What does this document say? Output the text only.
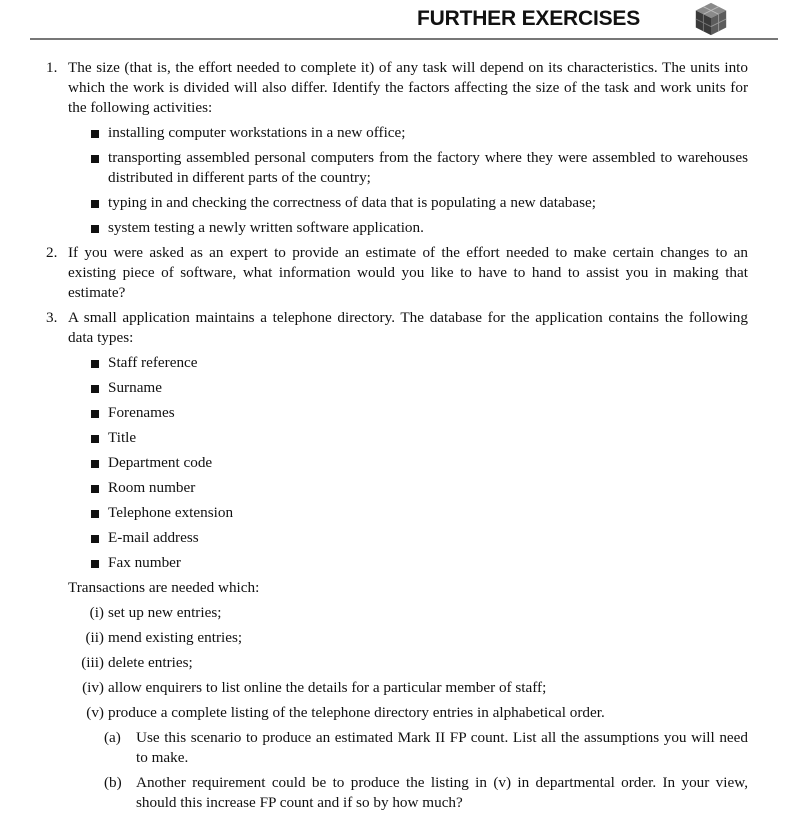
FURTHER EXERCISES
1. The size (that is, the effort needed to complete it) of any task will depend on its characteristics. The units into which the work is divided will also differ. Identify the factors affecting the size of the task and work units for the following activities:
installing computer workstations in a new office;
transporting assembled personal computers from the factory where they were assembled to warehouses distributed in different parts of the country;
typing in and checking the correctness of data that is populating a new database;
system testing a newly written software application.
2. If you were asked as an expert to provide an estimate of the effort needed to make certain changes to an existing piece of software, what information would you like to have to hand to assist you in making that estimate?
3. A small application maintains a telephone directory. The database for the application contains the following data types:
Staff reference
Surname
Forenames
Title
Department code
Room number
Telephone extension
E-mail address
Fax number
Transactions are needed which:
(i) set up new entries;
(ii) mend existing entries;
(iii) delete entries;
(iv) allow enquirers to list online the details for a particular member of staff;
(v) produce a complete listing of the telephone directory entries in alphabetical order.
(a) Use this scenario to produce an estimated Mark II FP count. List all the assumptions you will need to make.
(b) Another requirement could be to produce the listing in (v) in departmental order. In your view, should this increase FP count and if so by how much?
